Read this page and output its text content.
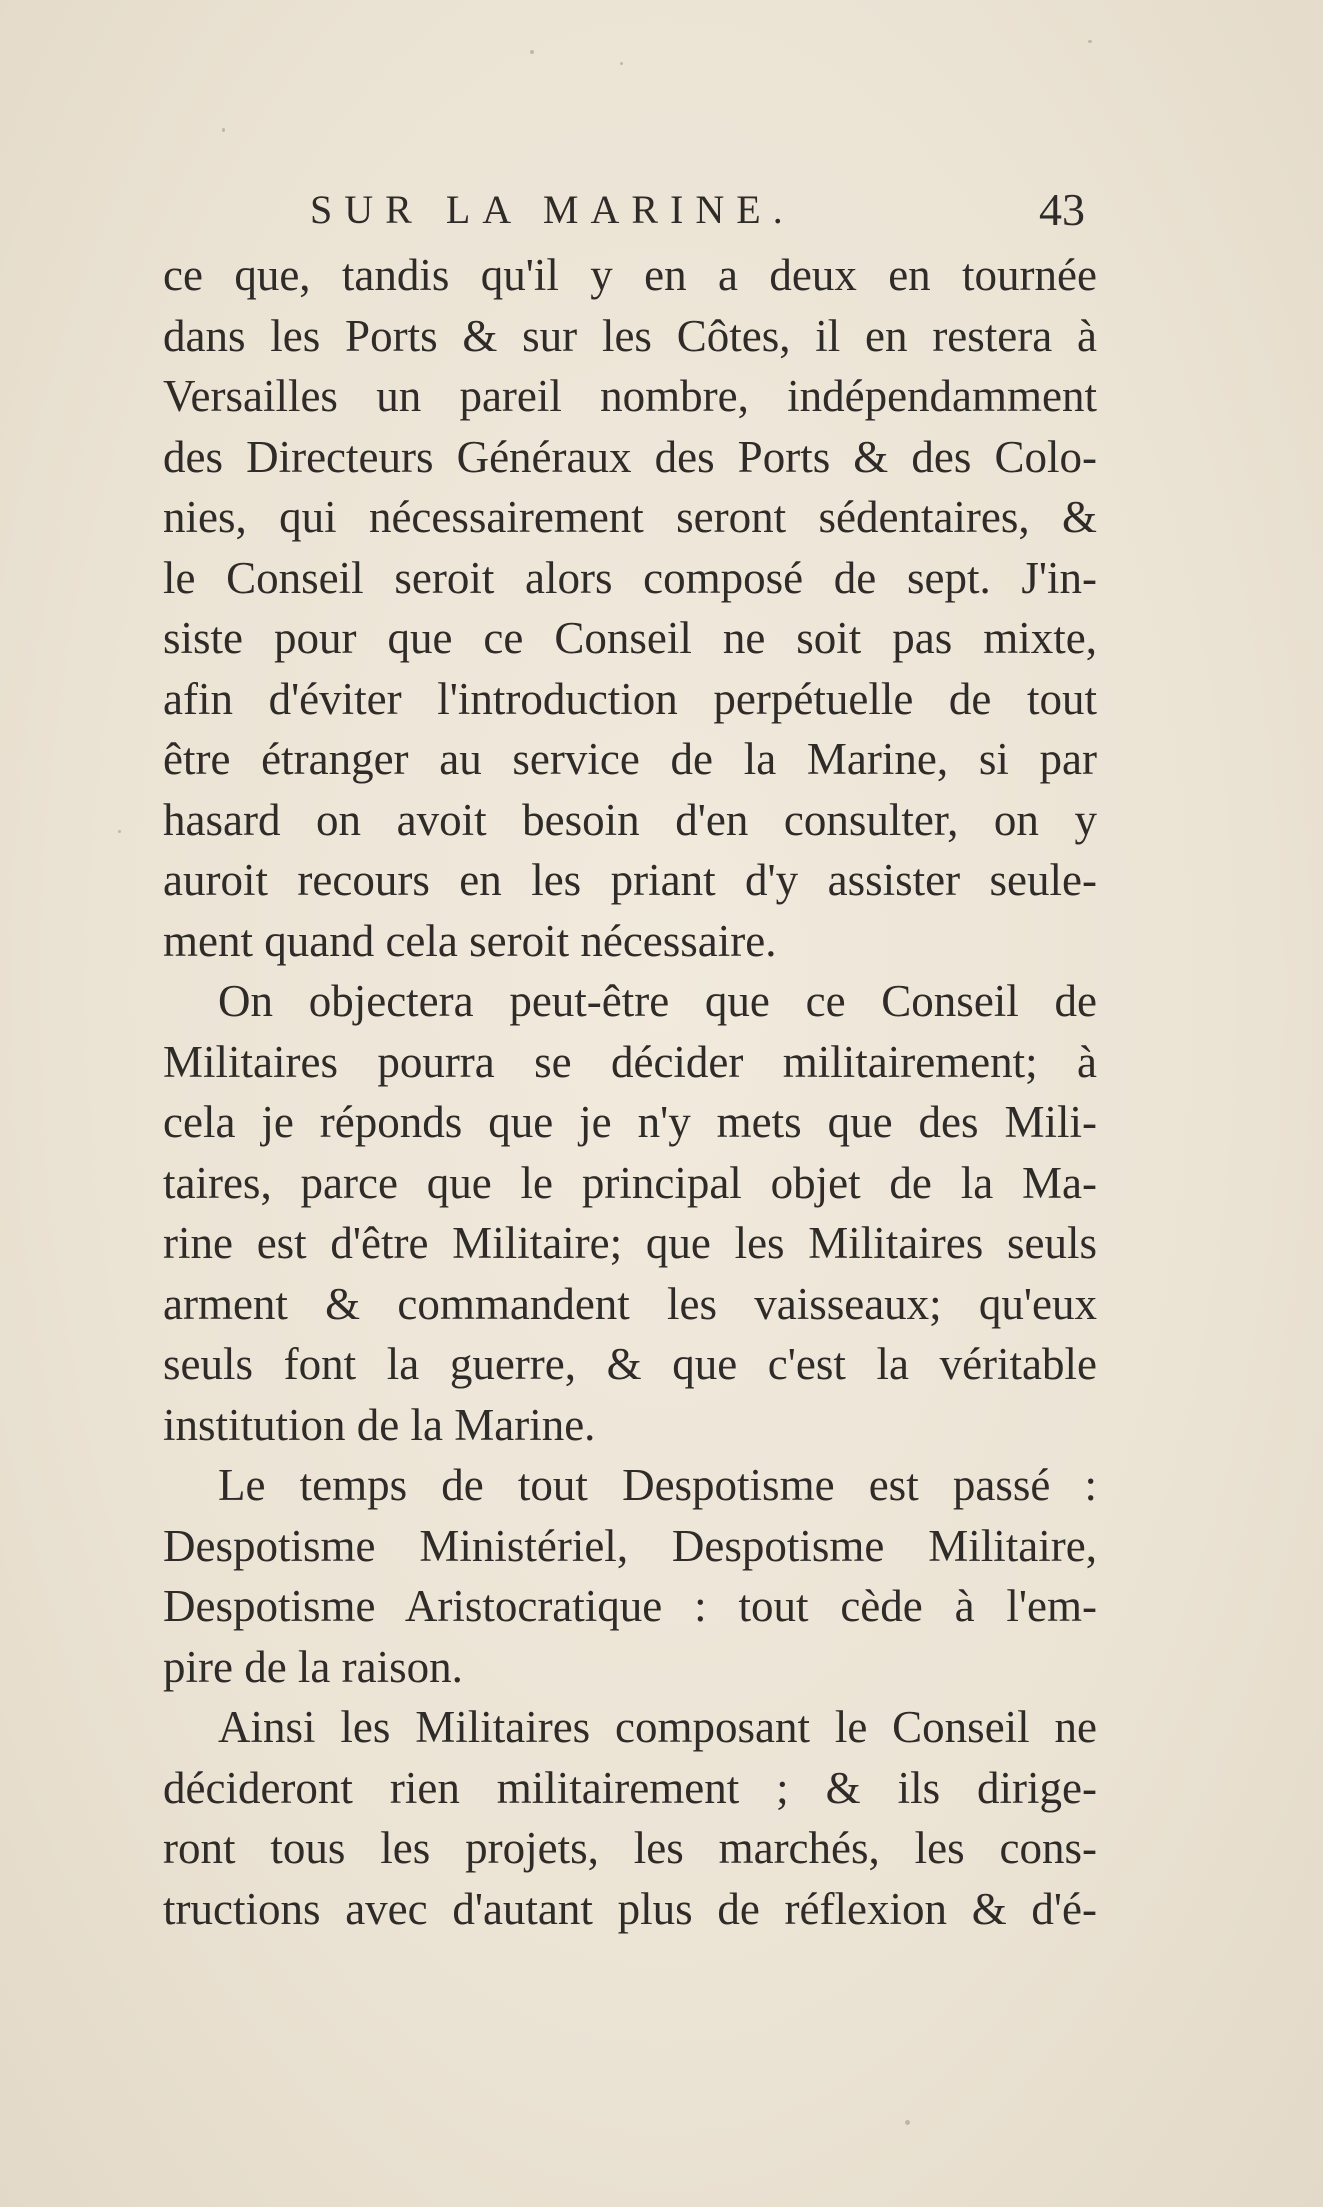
SUR LA MARINE.	43
ce que, tandis qu'il y en a deux en tournée
dans les Ports & sur les Côtes, il en restera à
Versailles un pareil nombre, indépendamment
des Directeurs Généraux des Ports & des Colo-
nies, qui nécessairement seront sédentaires, &
le Conseil seroit alors composé de sept. J'in-
siste pour que ce Conseil ne soit pas mixte,
afin d'éviter l'introduction perpétuelle de tout
être étranger au service de la Marine, si par
hasard on avoit besoin d'en consulter, on y
auroit recours en les priant d'y assister seule-
ment quand cela seroit nécessaire.
On objectera peut-être que ce Conseil de
Militaires pourra se décider militairement; à
cela je réponds que je n'y mets que des Mili-
taires, parce que le principal objet de la Ma-
rine est d'être Militaire; que les Militaires seuls
arment & commandent les vaisseaux; qu'eux
seuls font la guerre, & que c'est la véritable
institution de la Marine.
Le temps de tout Despotisme est passé :
Despotisme Ministériel, Despotisme Militaire,
Despotisme Aristocratique : tout cède à l'em-
pire de la raison.
Ainsi les Militaires composant le Conseil ne
décideront rien militairement ; & ils dirige-
ront tous les projets, les marchés, les cons-
tructions avec d'autant plus de réflexion & d'é-
